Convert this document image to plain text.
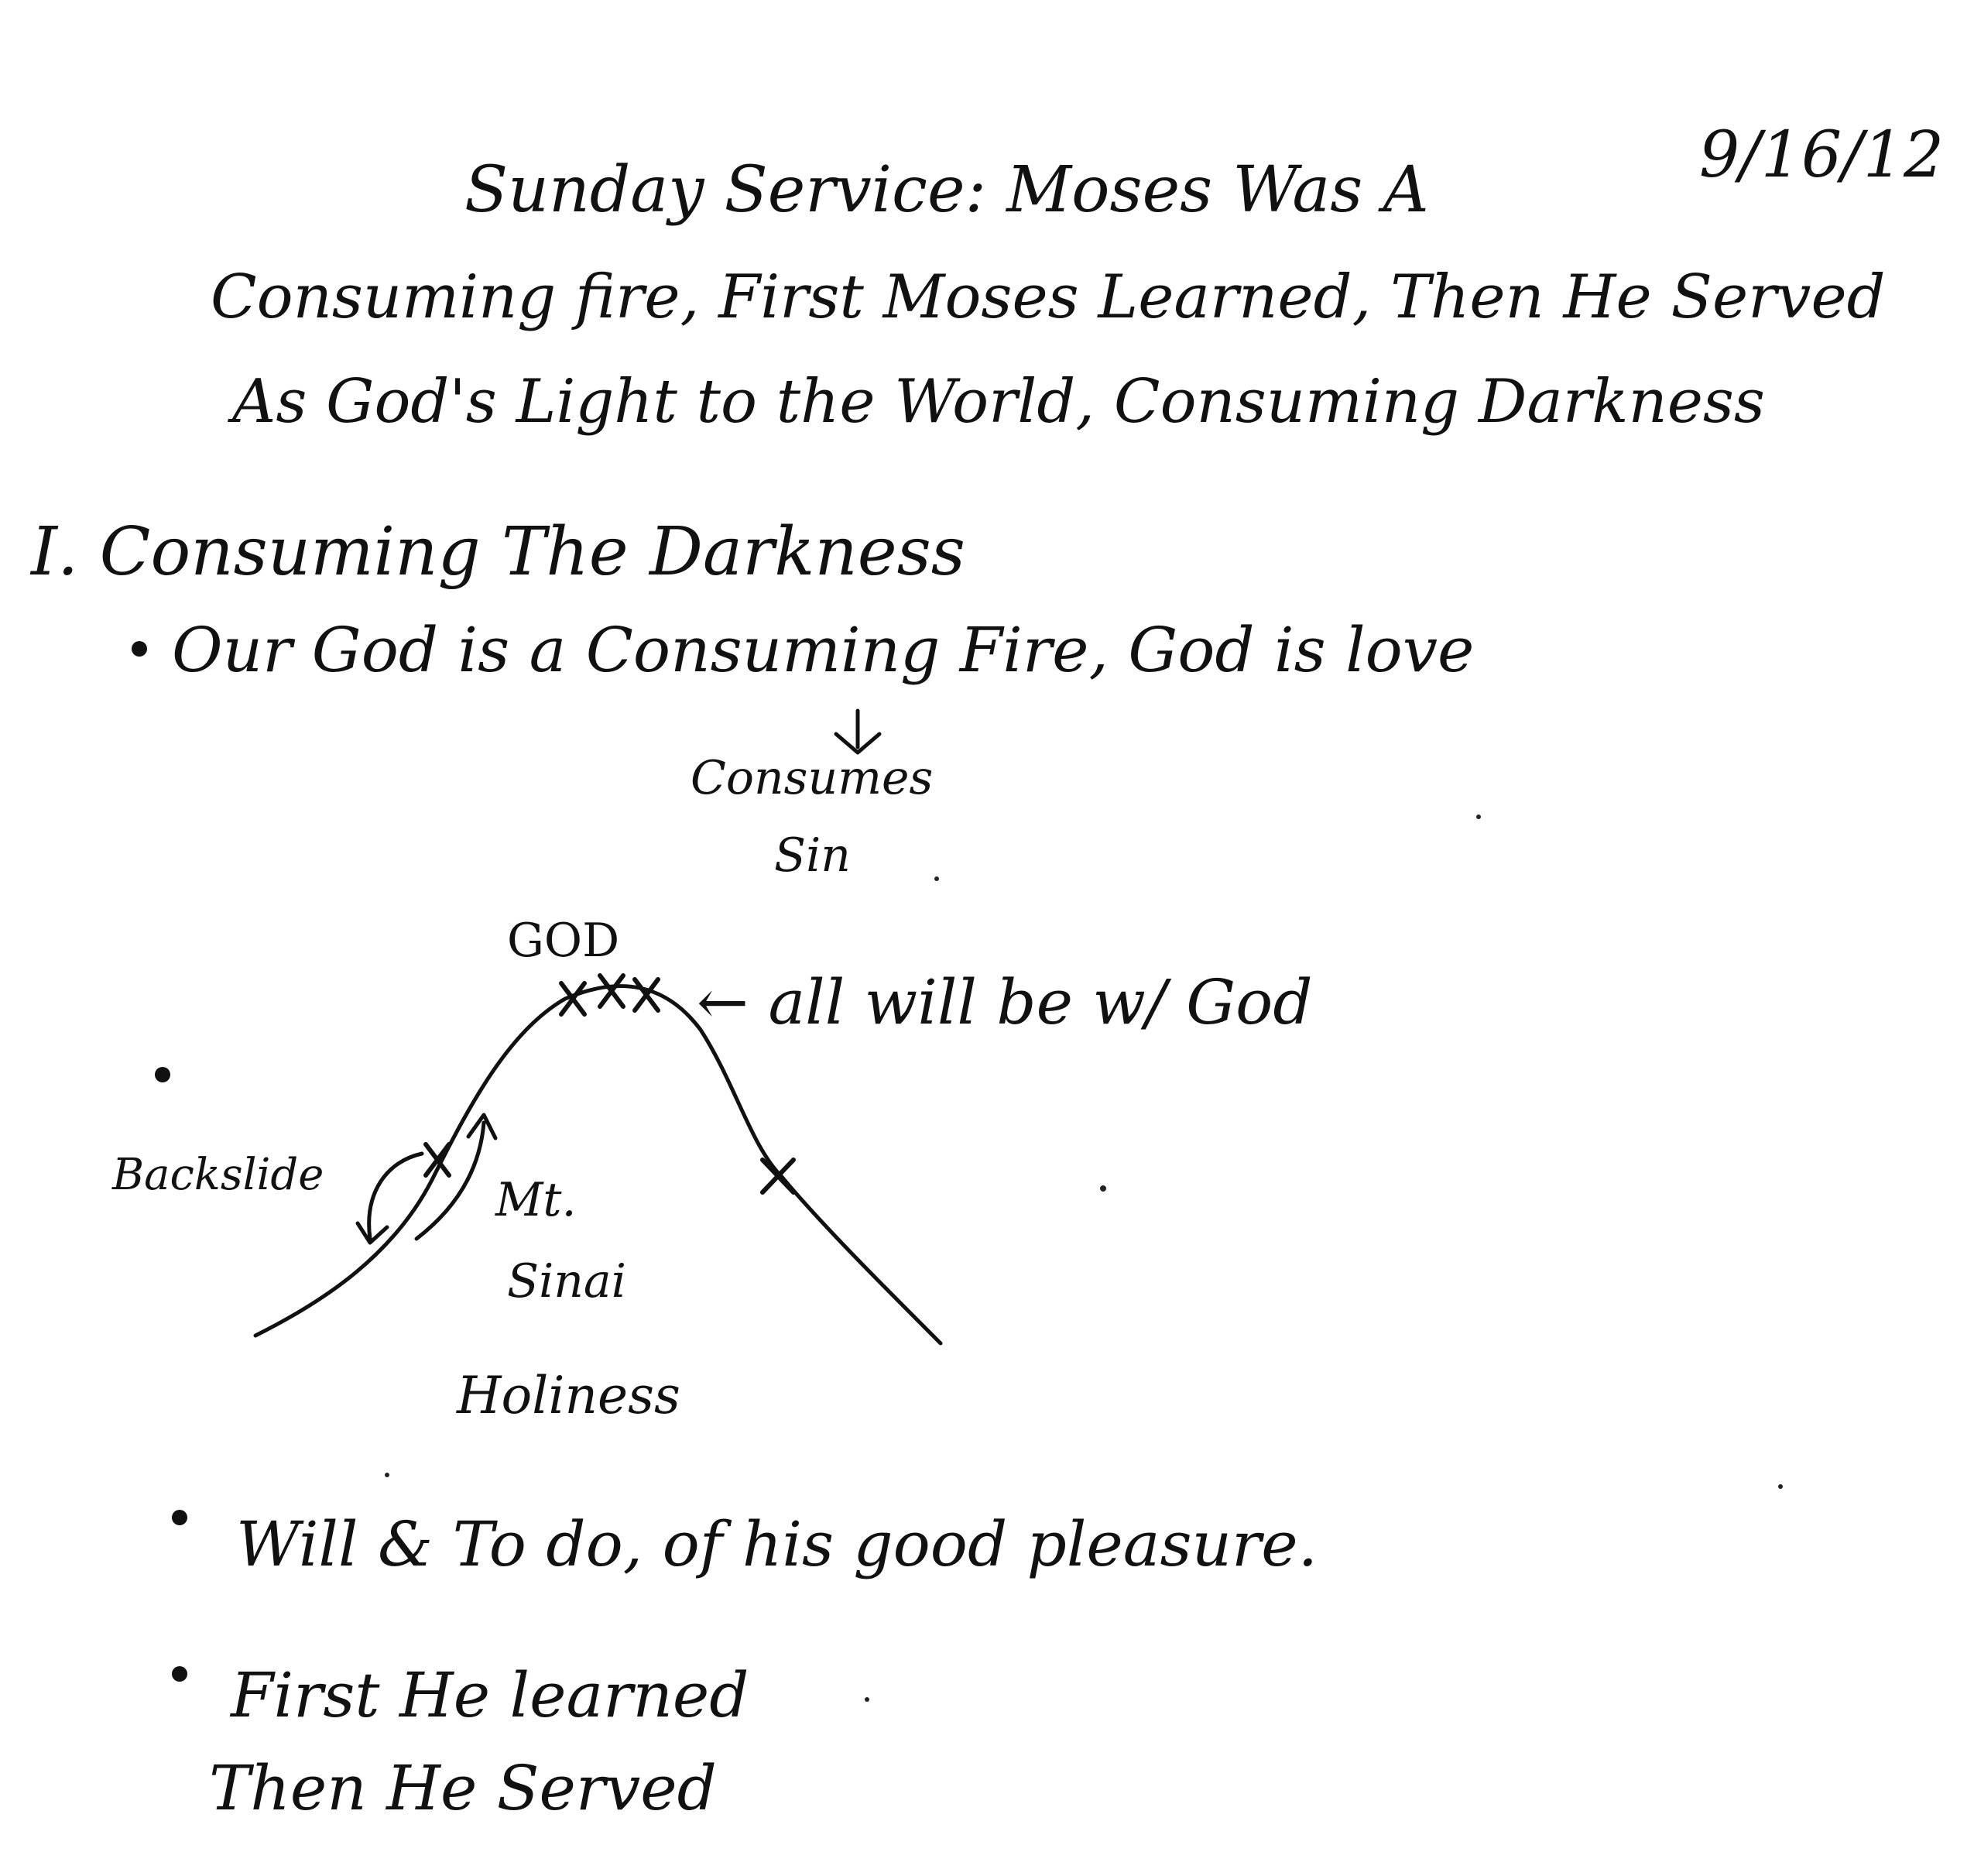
Sunday Service: Moses Was A	9/16/12
Consuming fire, First Moses Learned, Then He Served
As God's Light to the World, Consuming Darkness
I. Consuming The Darkness
Our God is a Consuming Fire, God is love
Consumes
Sin
GOD
← all will be w/ God
Backslide	Mt.
Sinai
Holiness
Will & To do, of his good pleasure.
First He learned
Then He Served
